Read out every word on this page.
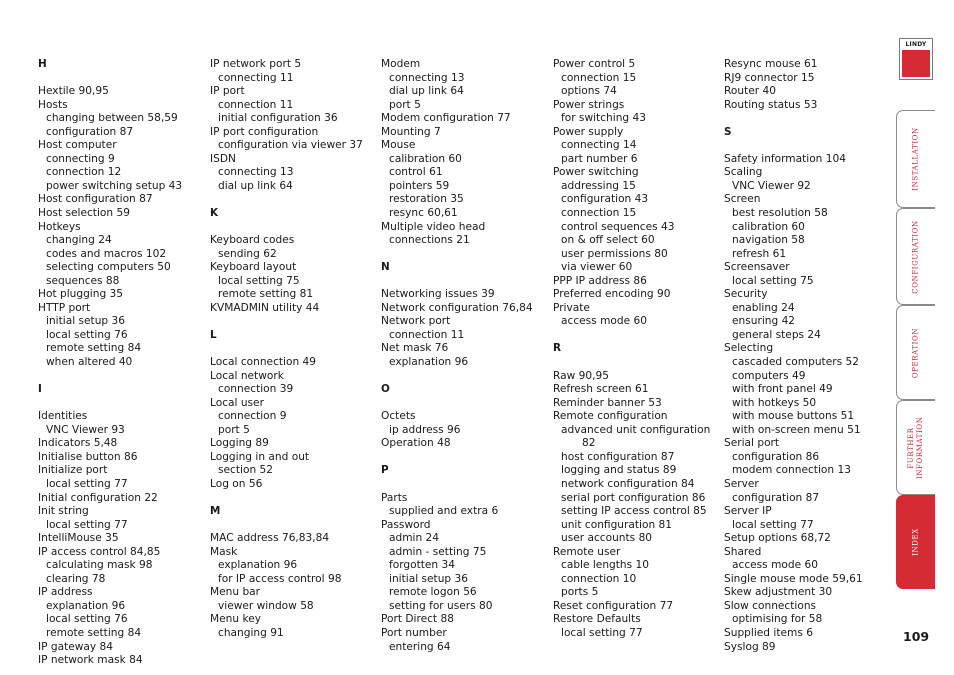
H
Hextile 90,95
Hosts
changing between 58,59
configuration 87
Host computer
connecting 9
connection 12
power switching setup 43
Host configuration 87
Host selection 59
Hotkeys
changing 24
codes and macros 102
selecting computers 50
sequences 88
Hot plugging 35
HTTP port
initial setup 36
local setting 76
remote setting 84
when altered 40
I
Identities
VNC Viewer 93
Indicators 5,48
Initialise button 86
Initialize port
local setting 77
Initial configuration 22
Init string
local setting 77
IntelliMouse 35
IP access control 84,85
calculating mask 98
clearing 78
IP address
explanation 96
local setting 76
remote setting 84
IP gateway 84
IP network mask 84
IP network port 5
connecting 11
IP port
connection 11
initial configuration 36
IP port configuration
configuration via viewer 37
ISDN
connecting 13
dial up link 64
K
Keyboard codes
sending 62
Keyboard layout
local setting 75
remote setting 81
KVMADMIN utility 44
L
Local connection 49
Local network
connection 39
Local user
connection 9
port 5
Logging 89
Logging in and out
section 52
Log on 56
M
MAC address 76,83,84
Mask
explanation 96
for IP access control 98
Menu bar
viewer window 58
Menu key
changing 91
Modem
connecting 13
dial up link 64
port 5
Modem configuration 77
Mounting 7
Mouse
calibration 60
control 61
pointers 59
restoration 35
resync 60,61
Multiple video head
connections 21
N
Networking issues 39
Network configuration 76,84
Network port
connection 11
Net mask 76
explanation 96
O
Octets
ip address 96
Operation 48
P
Parts
supplied and extra 6
Password
admin 24
admin - setting 75
forgotten 34
initial setup 36
remote logon 56
setting for users 80
Port Direct 88
Port number
entering 64
Power control 5
connection 15
options 74
Power strings
for switching 43
Power supply
connecting 14
part number 6
Power switching
addressing 15
configuration 43
connection 15
control sequences 43
on & off select 60
user permissions 80
via viewer 60
PPP IP address 86
Preferred encoding 90
Private
access mode 60
R
Raw 90,95
Refresh screen 61
Reminder banner 53
Remote configuration
advanced unit configuration
82
host configuration 87
logging and status 89
network configuration 84
serial port configuration 86
setting IP access control 85
unit configuration 81
user accounts 80
Remote user
cable lengths 10
connection 10
ports 5
Reset configuration 77
Restore Defaults
local setting 77
Resync mouse 61
RJ9 connector 15
Router 40
Routing status 53
S
Safety information 104
Scaling
VNC Viewer 92
Screen
best resolution 58
calibration 60
navigation 58
refresh 61
Screensaver
local setting 75
Security
enabling 24
ensuring 42
general steps 24
Selecting
cascaded computers 52
computers 49
with front panel 49
with hotkeys 50
with mouse buttons 51
with on-screen menu 51
Serial port
configuration 86
modem connection 13
Server
configuration 87
Server IP
local setting 77
Setup options 68,72
Shared
access mode 60
Single mouse mode 59,61
Skew adjustment 30
Slow connections
optimising for 58
Supplied items 6
Syslog 89
LINDY
INSTALLATION
CONFIGURATION
OPERATION
FURTHER INFORMATION
INDEX
109
